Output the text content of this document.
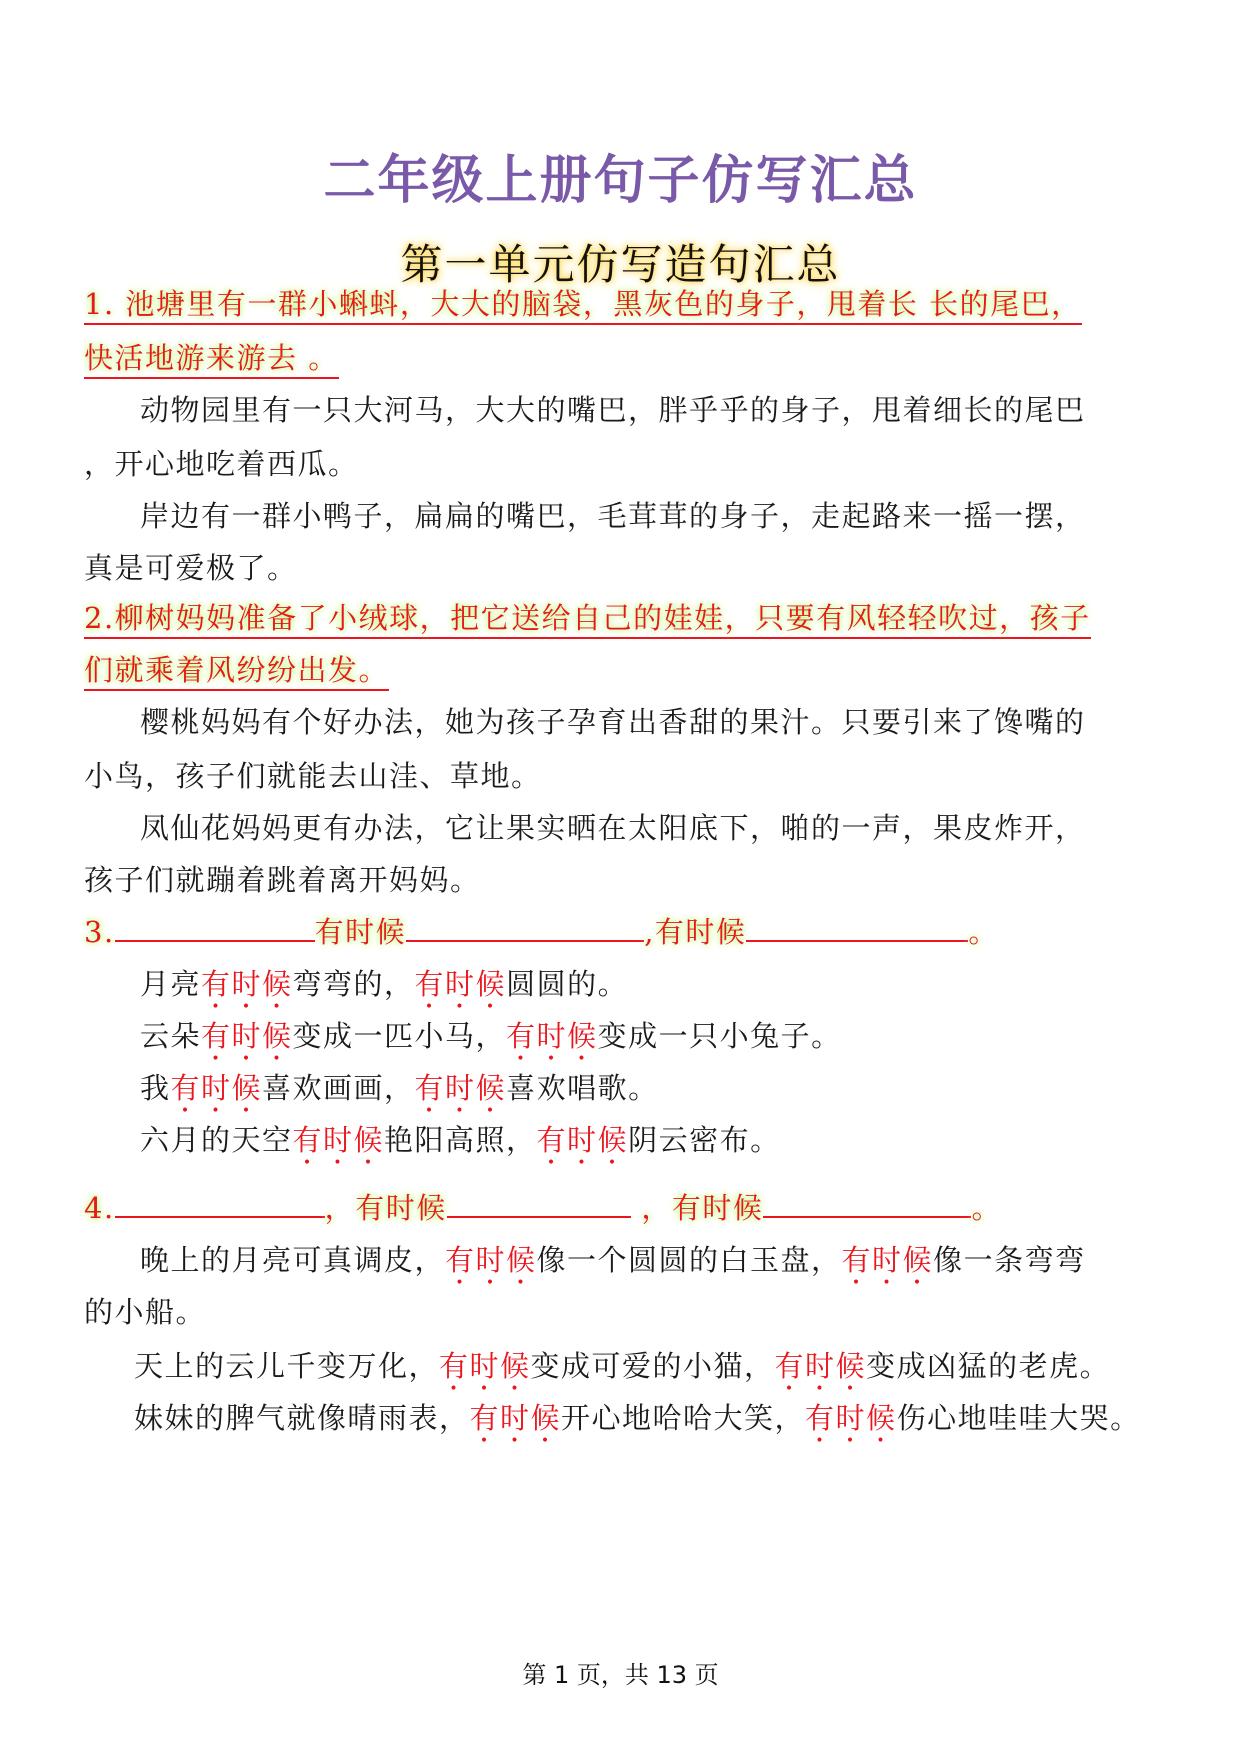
二年级上册句子仿写汇总
第一单元仿写造句汇总
1. 池塘里有一群小蝌蚪，大大的脑袋，黑灰色的身子，甩着长 长的尾巴，
快活地游来游去 。
动物园里有一只大河马，大大的嘴巴，胖乎乎的身子，甩着细长的尾巴
，开心地吃着西瓜。
岸边有一群小鸭子，扁扁的嘴巴，毛茸茸的身子，走起路来一摇一摆，
真是可爱极了。
2.柳树妈妈准备了小绒球，把它送给自己的娃娃，只要有风轻轻吹过，孩子
们就乘着风纷纷出发。
樱桃妈妈有个好办法，她为孩子孕育出香甜的果汁。只要引来了馋嘴的
小鸟，孩子们就能去山洼、草地。
凤仙花妈妈更有办法，它让果实晒在太阳底下，啪的一声，果皮炸开，
孩子们就蹦着跳着离开妈妈。
3.	有时候	,有时候	。
月亮有时候
• • •
弯弯的，有时候
• • •
圆圆的。
云朵有时候
• • •
变成一匹小马，有时候
• • •
变成一只小兔子。
我有时候
• • •
喜欢画画，有时候
• • •
喜欢唱歌。
六月的天空有时候
• • •
艳阳高照，有时候
• • •
阴云密布。
4.	，有时候	，有时候	。
晚上的月亮可真调皮，有时候
• • •
像一个圆圆的白玉盘，有时候
• • •
像一条弯弯
的小船。
天上的云儿千变万化，有时候
• • •
变成可爱的小猫，有时候
• • •
变成凶猛的老虎。
妹妹的脾气就像晴雨表，有时候
• • •
开心地哈哈大笑，有时候
• • •
伤心地哇哇大哭。
第 1 页，共 13 页
